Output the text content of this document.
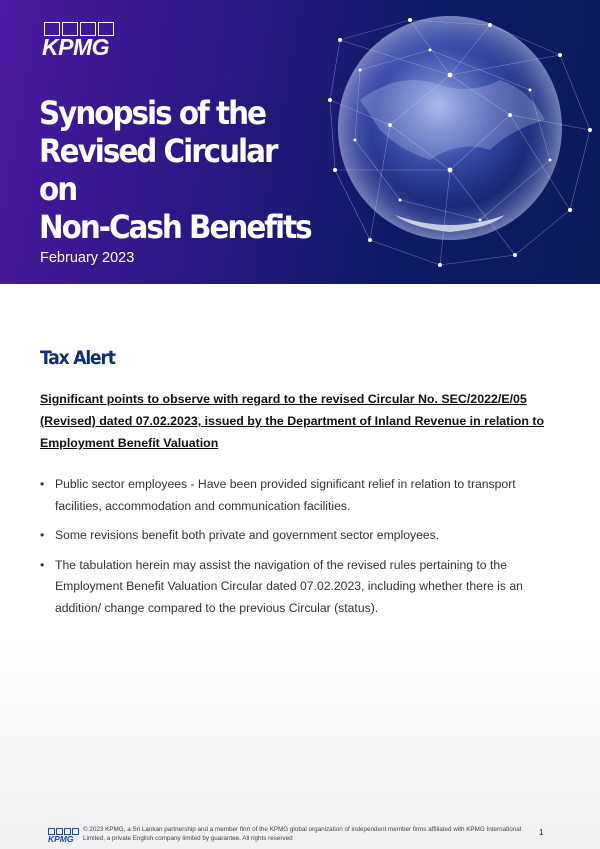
KPMG
Synopsis of the
Revised Circular on
Non-Cash Benefits
February 2023
Tax Alert

Significant points to observe with regard to the revised Circular No. SEC/2022/E/05 (Revised) dated 07.02.2023, issued by the Department of Inland Revenue in relation to Employment Benefit Valuation

• Public sector employees - Have been provided significant relief in relation to transport facilities, accommodation and communication facilities.
• Some revisions benefit both private and government sector employees.
• The tabulation herein may assist the navigation of the revised rules pertaining to the Employment Benefit Valuation Circular dated 07.02.2023, including whether there is an addition/ change compared to the previous Circular (status).
KPMG
© 2023 KPMG, a Sri Lankan partnership and a member firm of the KPMG global organization of independent member firms affiliated with KPMG International Limited, a private English company limited by guarantee. All rights reserved
1
